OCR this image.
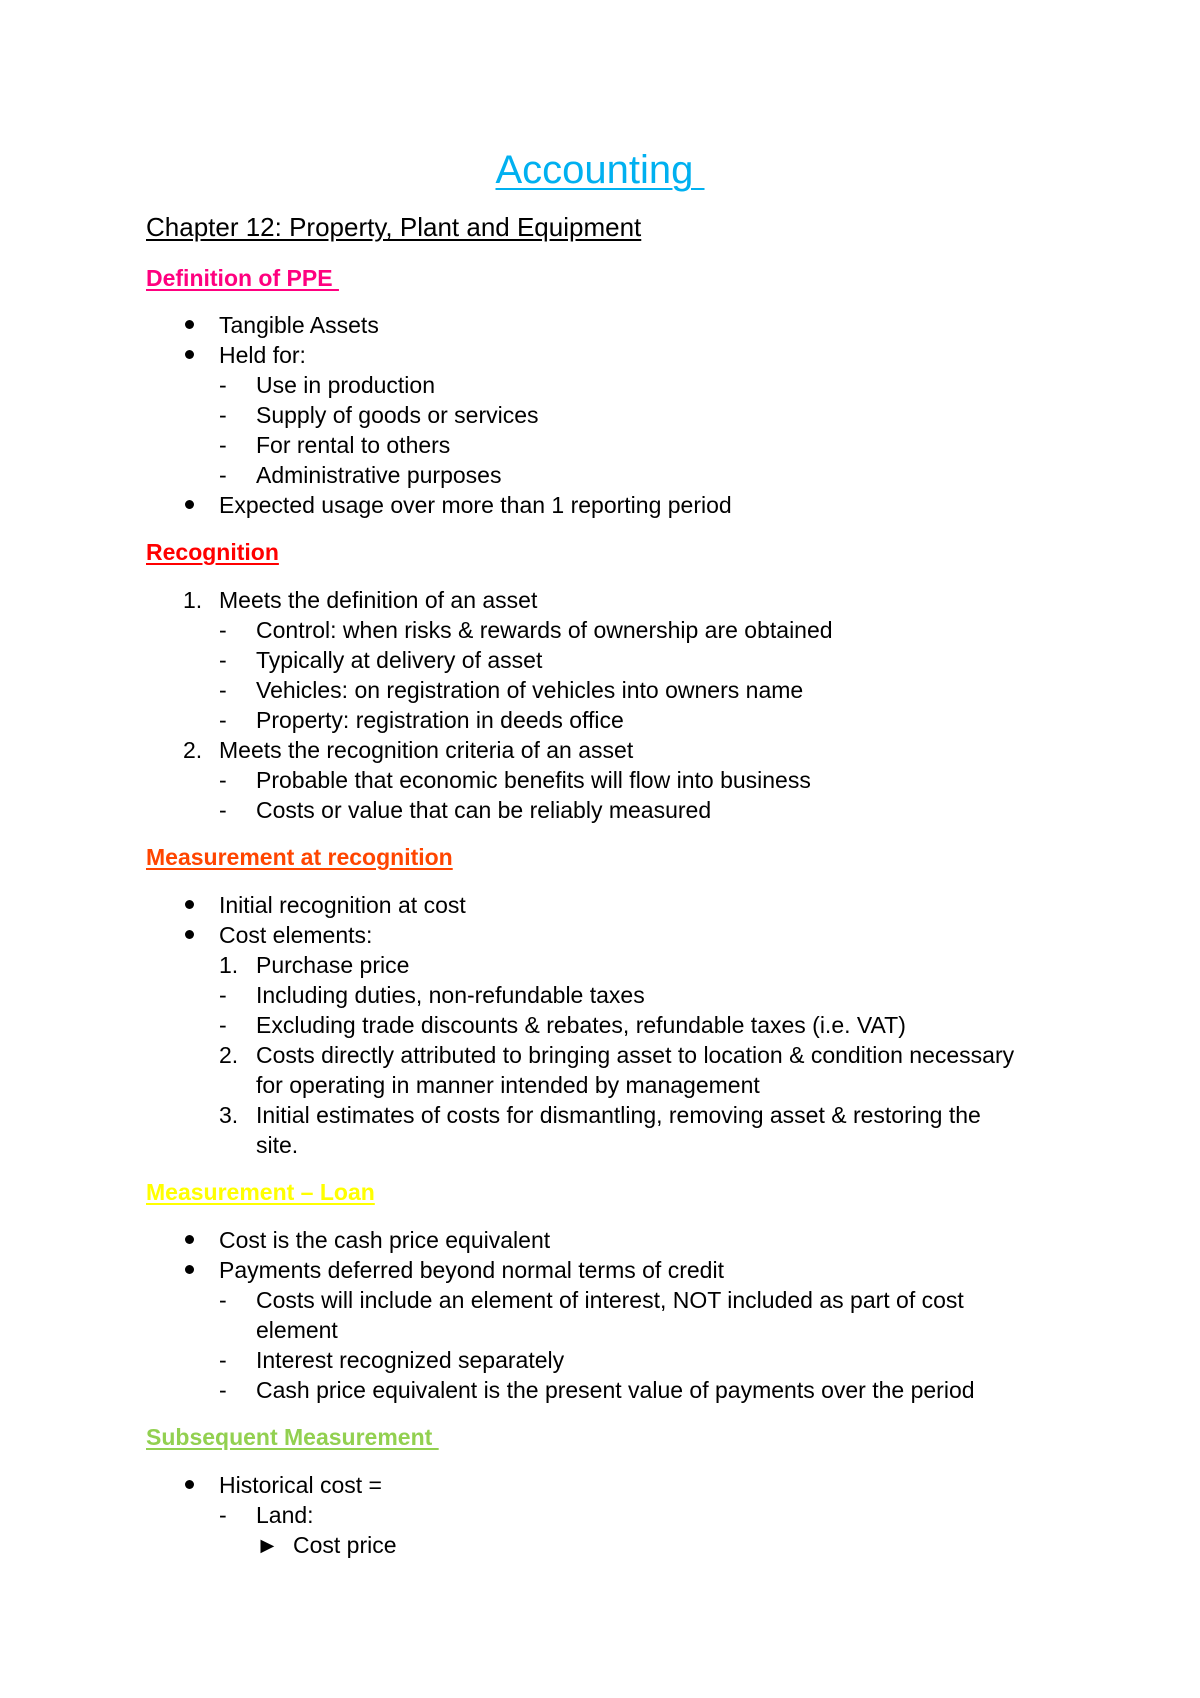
Accounting
Chapter 12: Property, Plant and Equipment
Definition of PPE

Tangible Assets

Held for:

- Use in production

- Supply of goods or services

- For rental to others

- Administrative purposes

Expected usage over more than 1 reporting period

Recognition
1. Meets the definition of an asset

- Control: when risks & rewards of ownership are obtained

- Typically at delivery of asset

- Vehicles: on registration of vehicles into owners name

- Property: registration in deeds office

2. Meets the recognition criteria of an asset

- Probable that economic benefits will flow into business

- Costs or value that can be reliably measured

Measurement at recognition

Initial recognition at cost

Cost elements:

1. Purchase price

- Including duties, non-refundable taxes

- Excluding trade discounts & rebates, refundable taxes (i.e. VAT)

2. Costs directly attributed to bringing asset to location & condition necessary

for operating in manner intended by management

3. Initial estimates of costs for dismantling, removing asset & restoring the

site.

Measurement – Loan

Cost is the cash price equivalent

Payments deferred beyond normal terms of credit

- Costs will include an element of interest, NOT included as part of cost

element

- Interest recognized separately

- Cash price equivalent is the present value of payments over the period

Subsequent Measurement

Historical cost =

- Land:

► Cost price
